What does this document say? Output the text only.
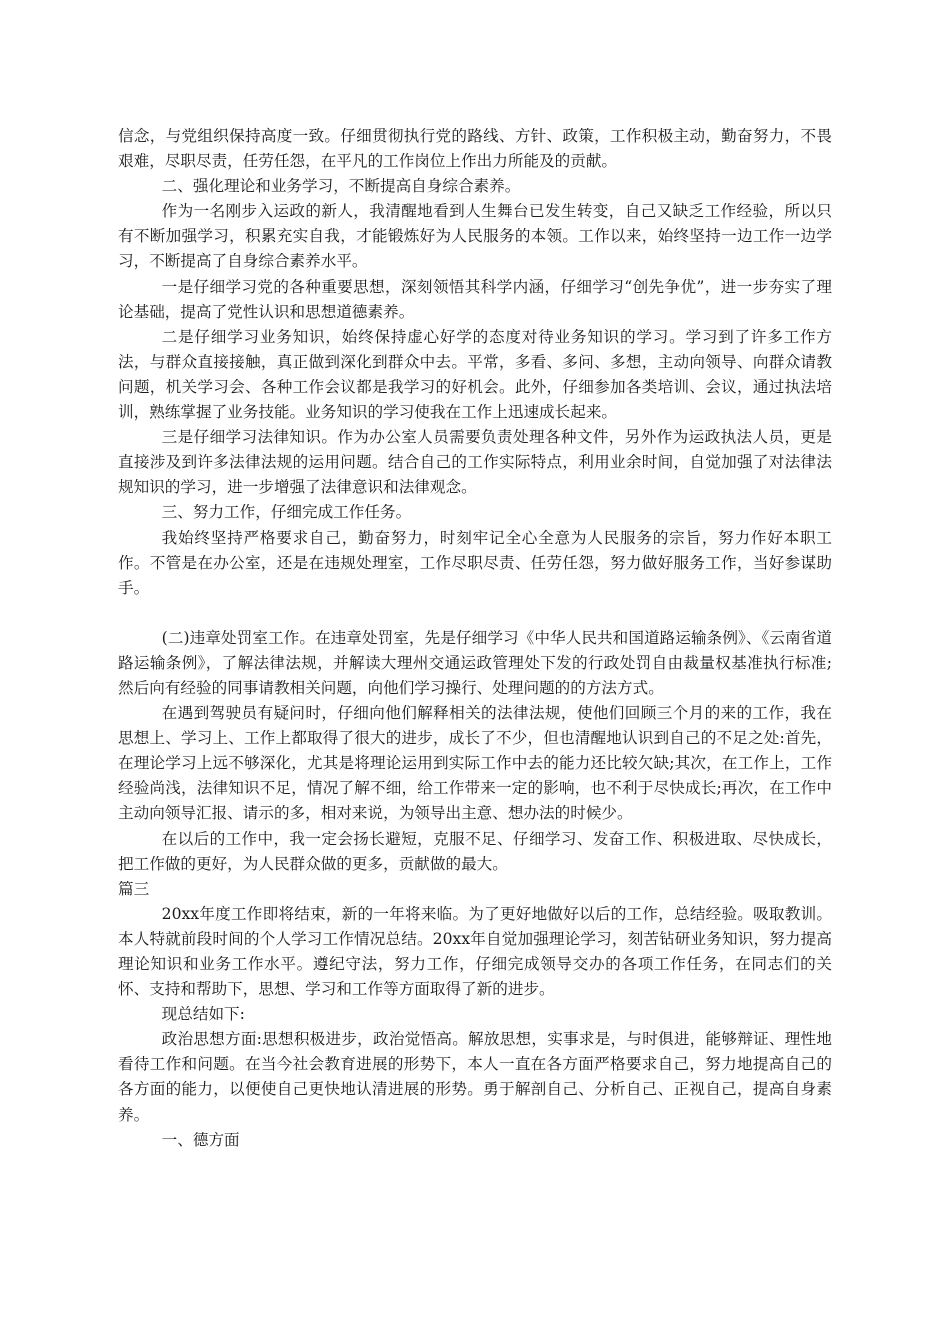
信念，与党组织保持高度一致。仔细贯彻执行党的路线、方针、政策，工作积极主动，勤奋努力，不畏艰难，尽职尽责，任劳任怨，在平凡的工作岗位上作出力所能及的贡献。

二、强化理论和业务学习，不断提高自身综合素养。

作为一名刚步入运政的新人，我清醒地看到人生舞台已发生转变，自己又缺乏工作经验，所以只有不断加强学习，积累充实自我，才能锻炼好为人民服务的本领。工作以来，始终坚持一边工作一边学习，不断提高了自身综合素养水平。

一是仔细学习党的各种重要思想，深刻领悟其科学内涵，仔细学习“创先争优”，进一步夯实了理论基础，提高了党性认识和思想道德素养。

二是仔细学习业务知识，始终保持虚心好学的态度对待业务知识的学习。学习到了许多工作方法，与群众直接接触，真正做到深化到群众中去。平常，多看、多问、多想，主动向领导、向群众请教问题，机关学习会、各种工作会议都是我学习的好机会。此外，仔细参加各类培训、会议，通过执法培训，熟练掌握了业务技能。业务知识的学习使我在工作上迅速成长起来。

三是仔细学习法律知识。作为办公室人员需要负责处理各种文件，另外作为运政执法人员，更是直接涉及到许多法律法规的运用问题。结合自己的工作实际特点，利用业余时间，自觉加强了对法律法规知识的学习，进一步增强了法律意识和法律观念。

三、努力工作，仔细完成工作任务。

我始终坚持严格要求自己，勤奋努力，时刻牢记全心全意为人民服务的宗旨，努力作好本职工作。不管是在办公室，还是在违规处理室，工作尽职尽责、任劳任怨，努力做好服务工作，当好参谋助手。

(二)违章处罚室工作。在违章处罚室，先是仔细学习《中华人民共和国道路运输条例》、《云南省道路运输条例》，了解法律法规，并解读大理州交通运政管理处下发的行政处罚自由裁量权基准执行标准;然后向有经验的同事请教相关问题，向他们学习操行、处理问题的的方法方式。

在遇到驾驶员有疑问时，仔细向他们解释相关的法律法规，使他们回顾三个月的来的工作，我在思想上、学习上、工作上都取得了很大的进步，成长了不少，但也清醒地认识到自己的不足之处:首先，在理论学习上远不够深化，尤其是将理论运用到实际工作中去的能力还比较欠缺;其次，在工作上，工作经验尚浅，法律知识不足，情况了解不细，给工作带来一定的影响，也不利于尽快成长;再次，在工作中主动向领导汇报、请示的多，相对来说，为领导出主意、想办法的时候少。

在以后的工作中，我一定会扬长避短，克服不足、仔细学习、发奋工作、积极进取、尽快成长，把工作做的更好，为人民群众做的更多，贡献做的最大。

篇三

20xx年度工作即将结束，新的一年将来临。为了更好地做好以后的工作，总结经验。吸取教训。本人特就前段时间的个人学习工作情况总结。20xx年自觉加强理论学习，刻苦钻研业务知识，努力提高理论知识和业务工作水平。遵纪守法，努力工作，仔细完成领导交办的各项工作任务，在同志们的关怀、支持和帮助下，思想、学习和工作等方面取得了新的进步。

现总结如下:

政治思想方面:思想积极进步，政治觉悟高。解放思想，实事求是，与时俱进，能够辩证、理性地看待工作和问题。在当今社会教育进展的形势下，本人一直在各方面严格要求自己，努力地提高自己的各方面的能力，以便使自己更快地认清进展的形势。勇于解剖自己、分析自己、正视自己，提高自身素养。

一、德方面
